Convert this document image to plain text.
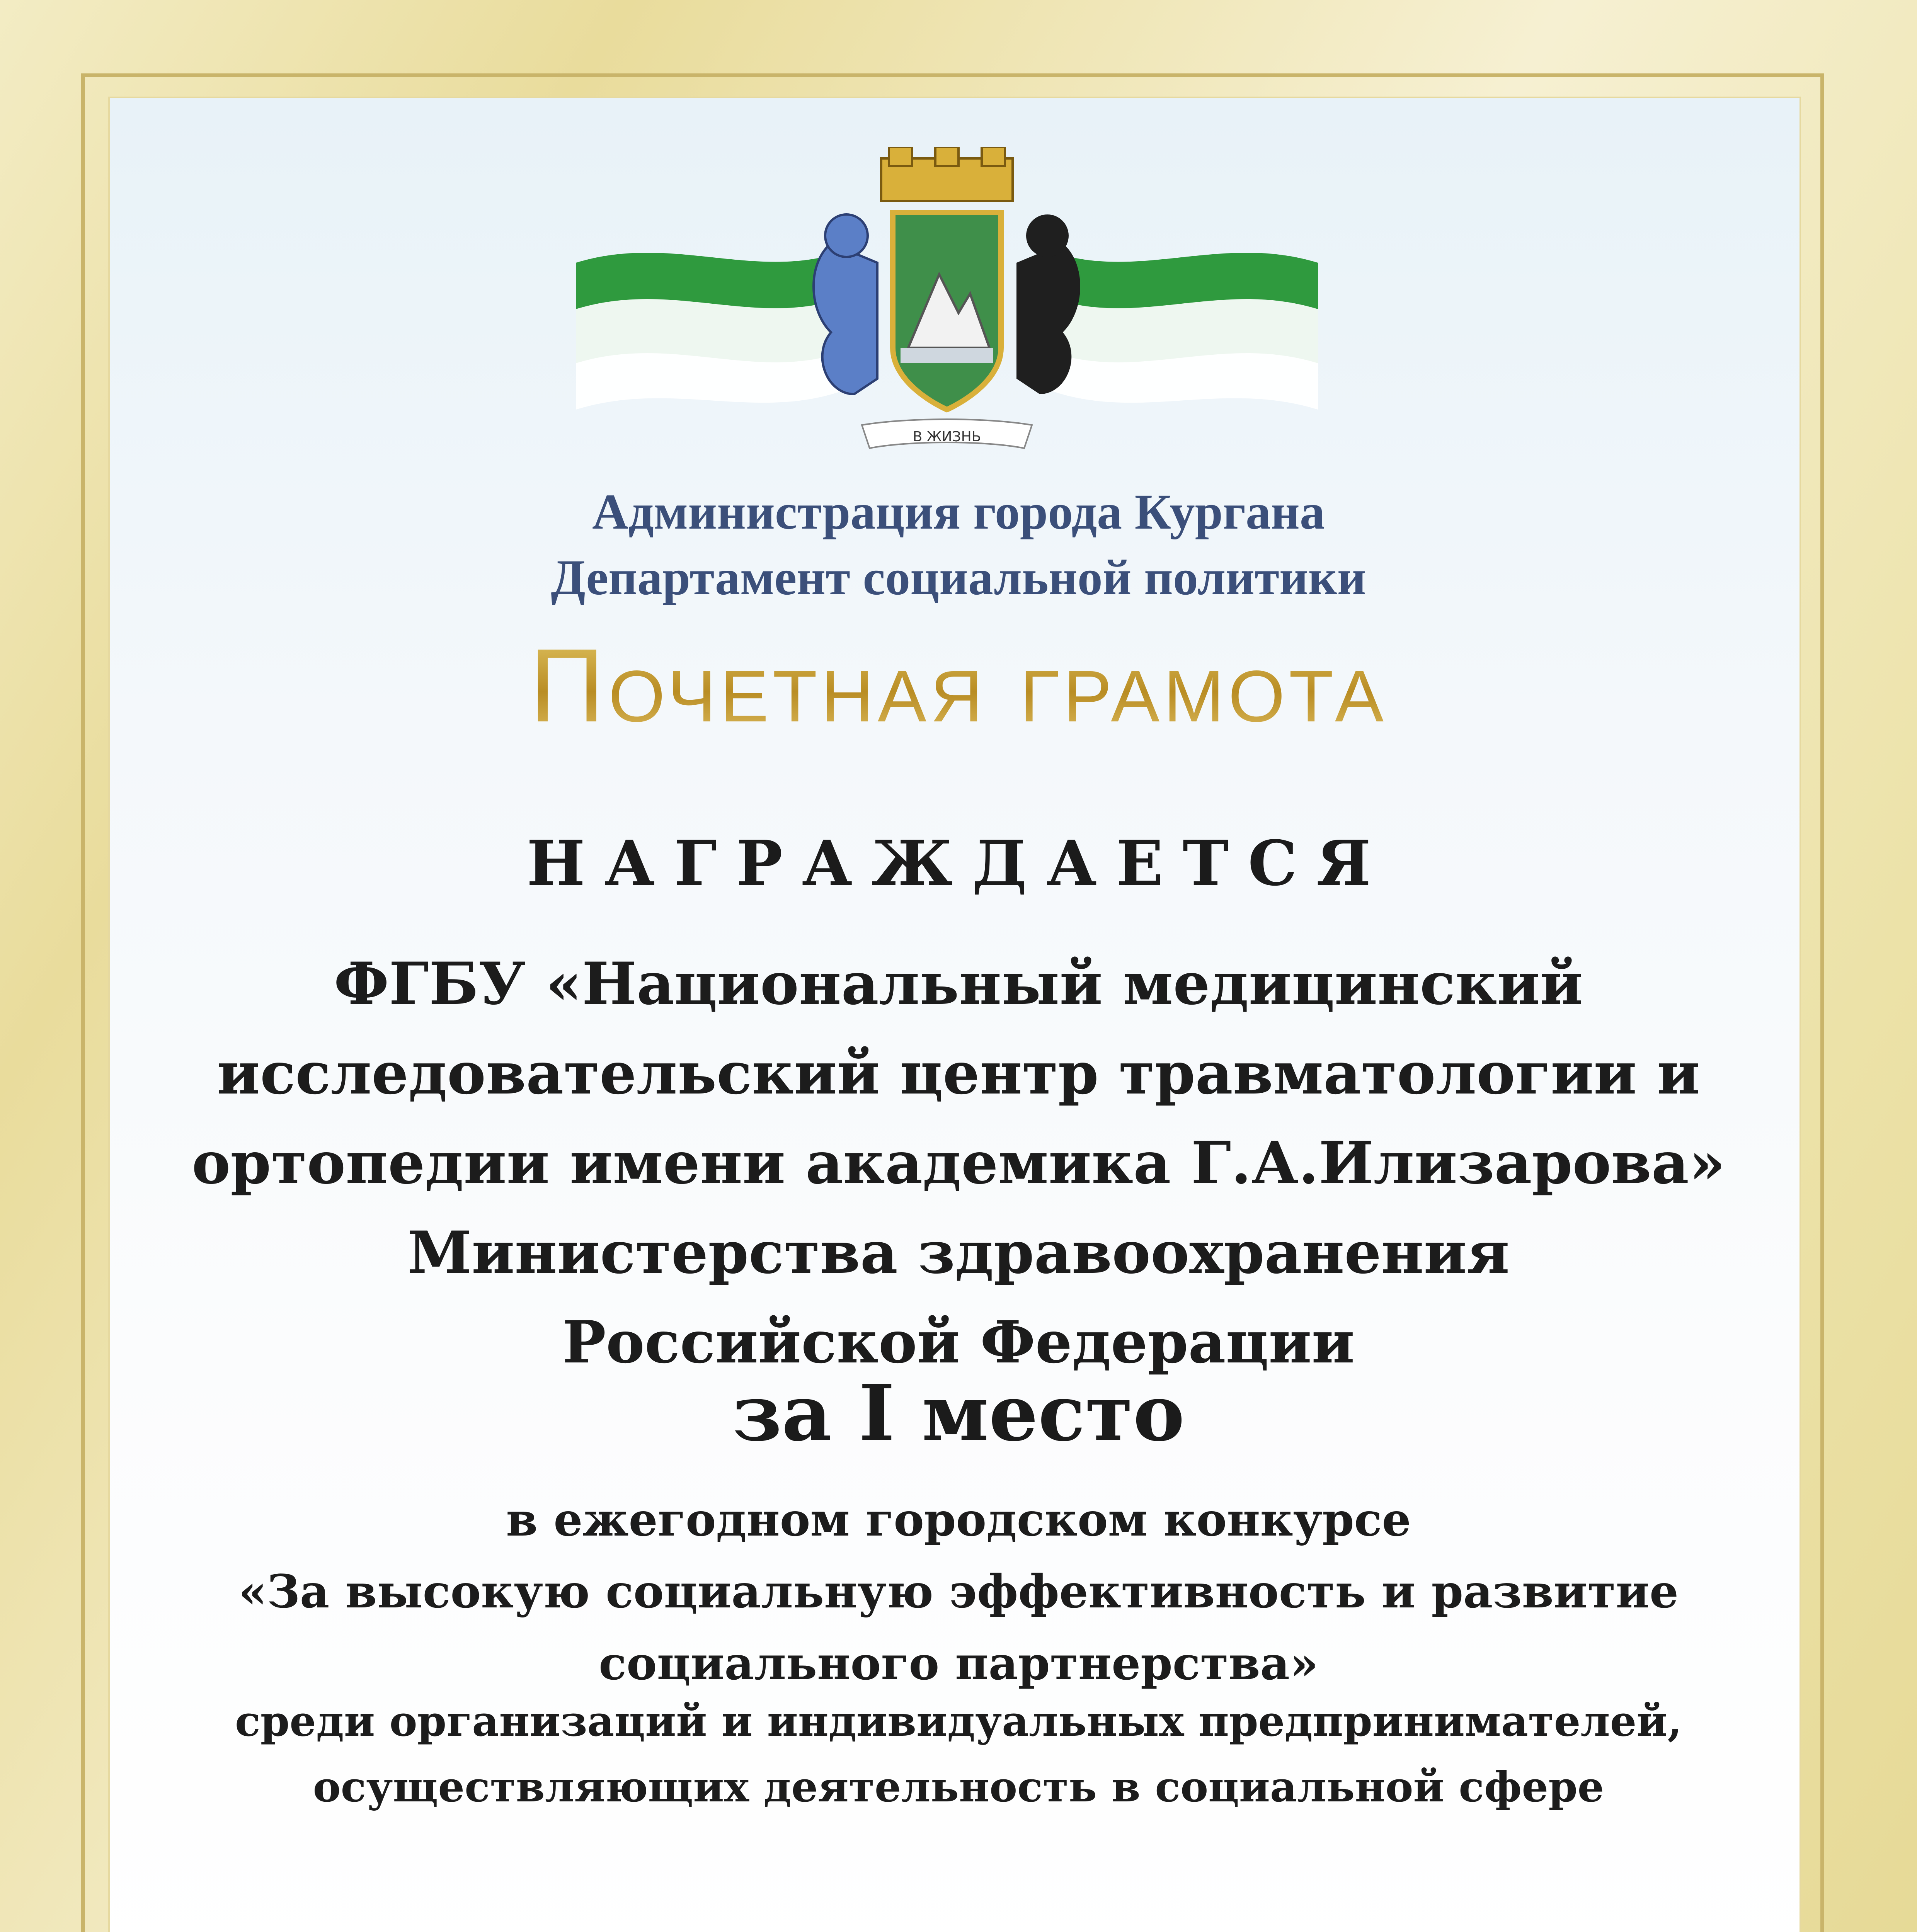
В ЖИЗНЬ
Администрация города Кургана
Департамент социальной политики
Почетная грамота
НАГРАЖДАЕТСЯ
ФГБУ «Национальный медицинский
исследовательский центр травматологии и
ортопедии имени академика Г.А.Илизарова»
Министерства здравоохранения
Российской Федерации
за I место
в ежегодном городском конкурсе
«За высокую социальную эффективность и развитие
социального партнерства»
среди организаций и индивидуальных предпринимателей,
осуществляющих деятельность в социальной сфере
